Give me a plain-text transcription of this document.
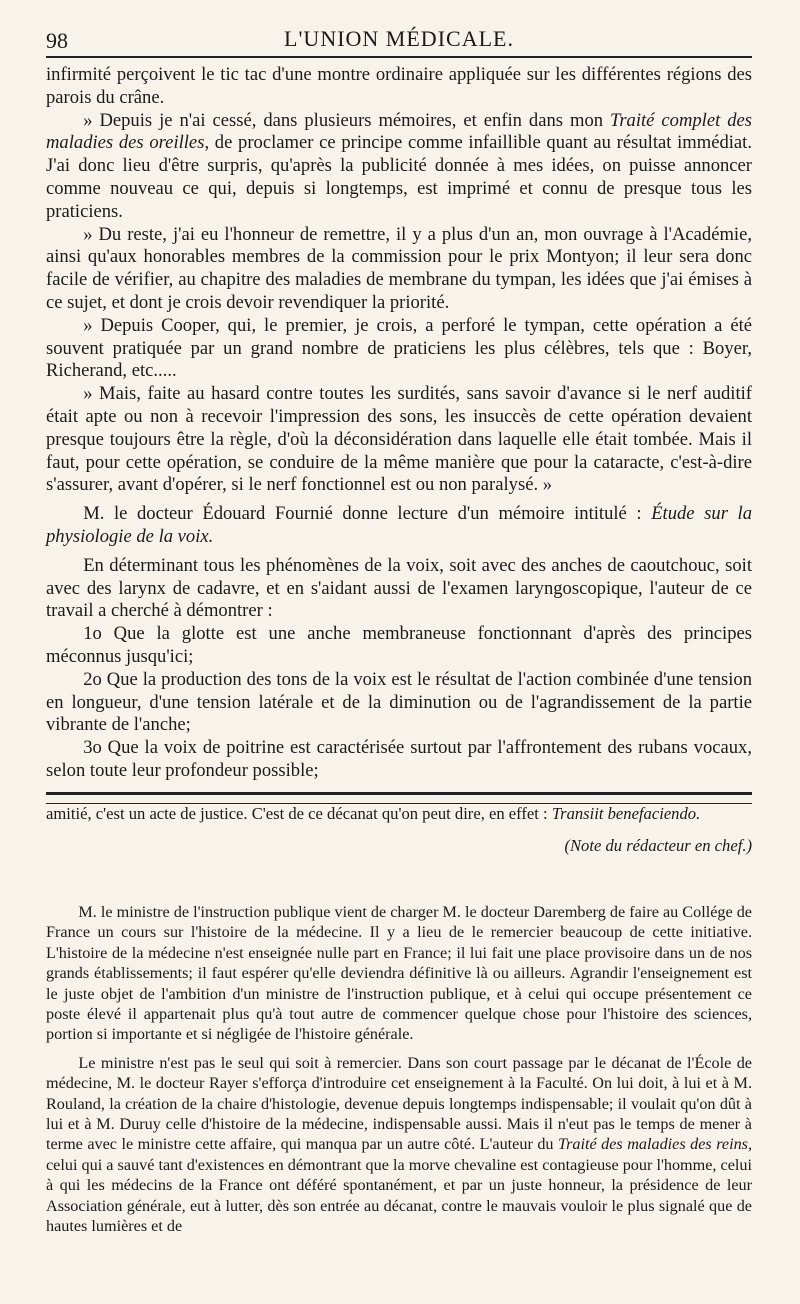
98	L'UNION MÉDICALE.

infirmité perçoivent le tic tac d'une montre ordinaire appliquée sur les différentes régions des parois du crâne.

» Depuis je n'ai cessé, dans plusieurs mémoires, et enfin dans mon Traité complet des maladies des oreilles, de proclamer ce principe comme infaillible quant au résultat immédiat. J'ai donc lieu d'être surpris, qu'après la publicité donnée à mes idées, on puisse annoncer comme nouveau ce qui, depuis si longtemps, est imprimé et connu de presque tous les praticiens.

» Du reste, j'ai eu l'honneur de remettre, il y a plus d'un an, mon ouvrage à l'Académie, ainsi qu'aux honorables membres de la commission pour le prix Montyon; il leur sera donc facile de vérifier, au chapitre des maladies de membrane du tympan, les idées que j'ai émises à ce sujet, et dont je crois devoir revendiquer la priorité.

» Depuis Cooper, qui, le premier, je crois, a perforé le tympan, cette opération a été souvent pratiquée par un grand nombre de praticiens les plus célèbres, tels que : Boyer, Richerand, etc.....

» Mais, faite au hasard contre toutes les surdités, sans savoir d'avance si le nerf auditif était apte ou non à recevoir l'impression des sons, les insuccès de cette opération devaient presque toujours être la règle, d'où la déconsidération dans laquelle elle était tombée. Mais il faut, pour cette opération, se conduire de la même manière que pour la cataracte, c'est-à-dire s'assurer, avant d'opérer, si le nerf fonctionnel est ou non paralysé. »

M. le docteur Édouard Fournié donne lecture d'un mémoire intitulé : Étude sur la physiologie de la voix.

En déterminant tous les phénomènes de la voix, soit avec des anches de caoutchouc, soit avec des larynx de cadavre, et en s'aidant aussi de l'examen laryngoscopique, l'auteur de ce travail a cherché à démontrer :

1o Que la glotte est une anche membraneuse fonctionnant d'après des principes méconnus jusqu'ici;

2o Que la production des tons de la voix est le résultat de l'action combinée d'une tension en longueur, d'une tension latérale et de la diminution ou de l'agrandissement de la partie vibrante de l'anche;

3o Que la voix de poitrine est caractérisée surtout par l'affrontement des rubans vocaux, selon toute leur profondeur possible;

amitié, c'est un acte de justice. C'est de ce décanat qu'on peut dire, en effet : Transiit benefaciendo.

(Note du rédacteur en chef.)

M. le ministre de l'instruction publique vient de charger M. le docteur Daremberg de faire au Collége de France un cours sur l'histoire de la médecine. Il y a lieu de le remercier beaucoup de cette initiative. L'histoire de la médecine n'est enseignée nulle part en France; il lui fait une place provisoire dans un de nos grands établissements; il faut espérer qu'elle deviendra définitive là ou ailleurs. Agrandir l'enseignement est le juste objet de l'ambition d'un ministre de l'instruction publique, et à celui qui occupe présentement ce poste élevé il appartenait plus qu'à tout autre de commencer quelque chose pour l'histoire des sciences, portion si importante et si négligée de l'histoire générale.

Le ministre n'est pas le seul qui soit à remercier. Dans son court passage par le décanat de l'École de médecine, M. le docteur Rayer s'efforça d'introduire cet enseignement à la Faculté. On lui doit, à lui et à M. Rouland, la création de la chaire d'histologie, devenue depuis longtemps indispensable; il voulait qu'on dût à lui et à M. Duruy celle d'histoire de la médecine, indispensable aussi. Mais il n'eut pas le temps de mener à terme avec le ministre cette affaire, qui manqua par un autre côté. L'auteur du Traité des maladies des reins, celui qui a sauvé tant d'existences en démontrant que la morve chevaline est contagieuse pour l'homme, celui à qui les médecins de la France ont déféré spontanément, et par un juste honneur, la présidence de leur Association générale, eut à lutter, dès son entrée au décanat, contre le mauvais vouloir le plus signalé que de hautes lumières et de
